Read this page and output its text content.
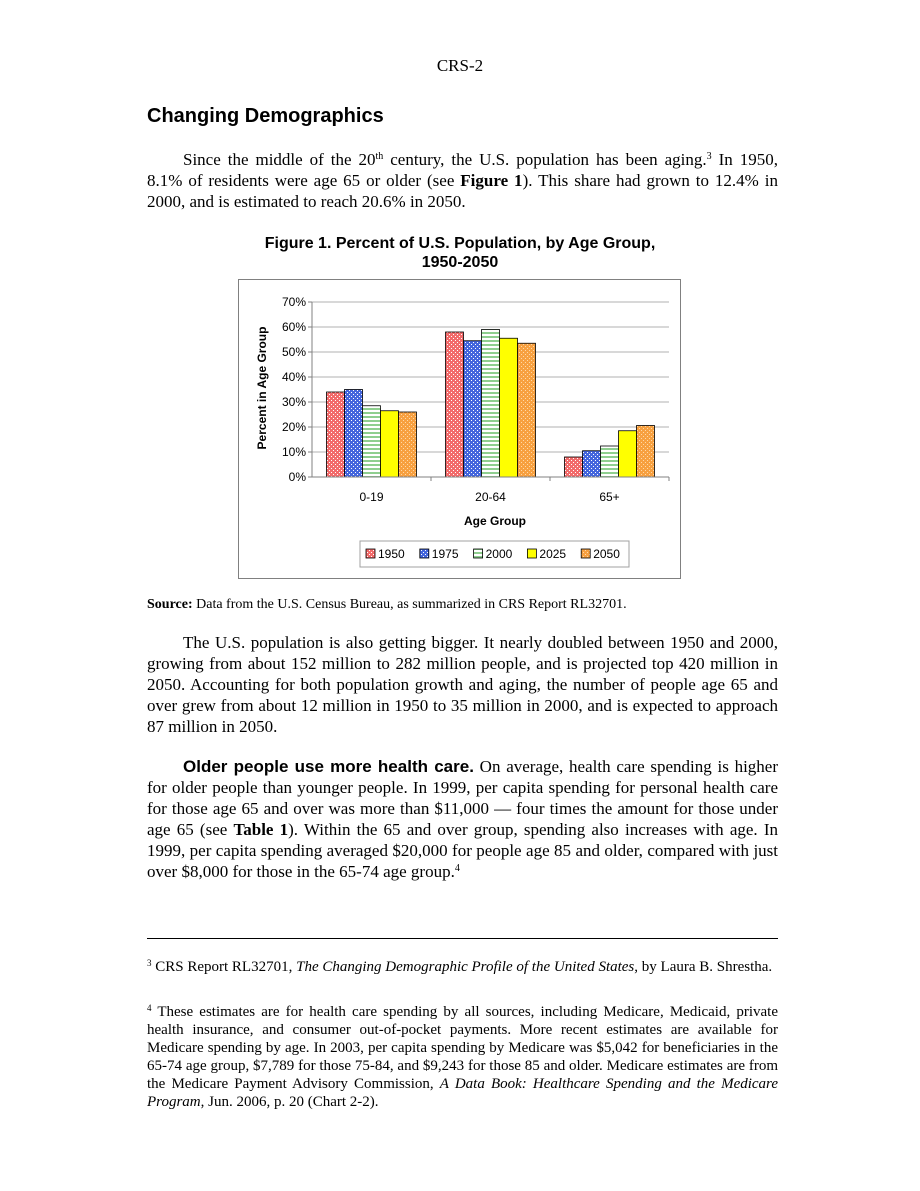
CRS-2
Changing Demographics
Since the middle of the 20th century, the U.S. population has been aging.$^3$ In 1950, 8.1% of residents were age 65 or older (see Figure 1). This share had grown to 12.4% in 2000, and is estimated to reach 20.6% in 2050.
Figure 1. Percent of U.S. Population, by Age Group,
1950-2050
0%
10%
20%
30%
40%
50%
60%
70%
0-19	20-64	65+
Percent in Age Group
Age Group
1950 1975 2000 2025 2050
Source: Data from the U.S. Census Bureau, as summarized in CRS Report RL32701.
The U.S. population is also getting bigger. It nearly doubled between 1950 and 2000, growing from about 152 million to 282 million people, and is projected top 420 million in 2050. Accounting for both population growth and aging, the number of people age 65 and over grew from about 12 million in 1950 to 35 million in 2000, and is expected to approach 87 million in 2050.
Older people use more health care. On average, health care spending is higher for older people than younger people. In 1999, per capita spending for personal health care for those age 65 and over was more than $11,000 — four times the amount for those under age 65 (see Table 1). Within the 65 and over group, spending also increases with age. In 1999, per capita spending averaged $20,000 for people age 85 and older, compared with just over $8,000 for those in the 65-74 age group.$^4$
$^3$ CRS Report RL32701, The Changing Demographic Profile of the United States, by Laura B. Shrestha.
$^4$ These estimates are for health care spending by all sources, including Medicare, Medicaid, private health insurance, and consumer out-of-pocket payments. More recent estimates are available for Medicare spending by age. In 2003, per capita spending by Medicare was $5,042 for beneficiaries in the 65-74 age group, $7,789 for those 75-84, and $9,243 for those 85 and older. Medicare estimates are from the Medicare Payment Advisory Commission, A Data Book: Healthcare Spending and the Medicare Program, Jun. 2006, p. 20 (Chart 2-2).
